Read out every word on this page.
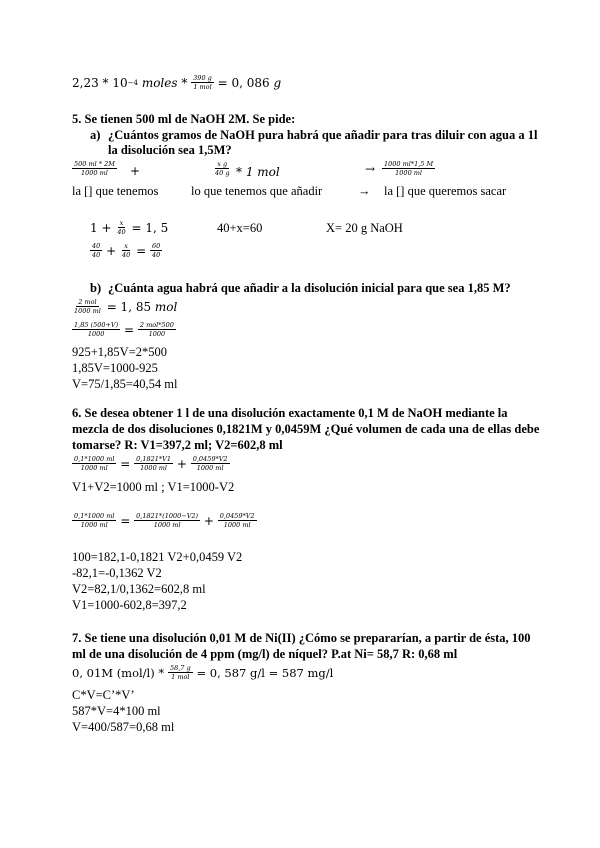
2,23
*
10 −4
moles
*
$\frac{390 g}{\text{1 mol}}$
= 0, 086
g
5. Se tienen 500 ml de NaOH 2M. Se pide:
a) ¿Cuántos gramos de NaOH pura habrá que añadir para tras diluir con agua a 1l
la disolución sea 1,5M?
$\frac{500 ml * 2M}{1000 ml}$ +	$\frac{\text{x g}}{40 g} * 1$ mol	→ $\frac{1000 ml*1,5 M}{1000 ml}$
la [] que tenemos	lo que tenemos que añadir	→ la [] que queremos sacar
1 +
$\frac{x}{40}$
= 1, 5	40+x=60	X= 20 g NaOH
$\frac{40}{40}$
+
$\frac{x}{40}$
=
$\frac{60}{40}$
b) ¿Cuánta agua habrá que añadir a la disolución inicial para que sea 1,85 M?
$\frac{\text{2 mol}}{1000 ml}$
= 1, 85
mol
$\frac{1,85 (500+V)}{1000}$
=
$\frac{\text{2 mol*500}}{1000}$
925+1,85V=2*500
1,85V=1000-925
V=75/1,85=40,54 ml
6. Se desea obtener 1 l de una disolución exactamente 0,1 M de NaOH mediante la
mezcla de dos disoluciones 0,1821M y 0,0459M ¿Qué volumen de cada una de ellas debe
tomarse? R: V1=397,2 ml; V2=602,8 ml
$\frac{0,1*1000 ml}{1000 ml}$
=
$\frac{0,1821*V1}{1000 ml}$
+
$\frac{0,0459*V2}{1000 ml}$
V1+V2=1000 ml ; V1=1000-V2
$\frac{0,1*1000 ml}{1000 ml}$
=
$\frac{0,1821*(1000-V2)}{1000 ml}$
+
$\frac{0,0459*V2}{1000 ml}$
100=182,1-0,1821 V2+0,0459 V2
-82,1=-0,1362 V2
V2=82,1/0,1362=602,8 ml
V1=1000-602,8=397,2
7. Se tiene una disolución 0,01 M de Ni(II) ¿Cómo se prepararían, a partir de ésta, 100
ml de una disolución de 4 ppm (mg/l) de níquel? P.at Ni= 58,7 R: 0,68 ml
0, 01M (mol/l) *
$\frac{58,7 g}{\text{1 mol}}$
= 0, 587 g/l = 587 mg/l
C*V=C’*V’
587*V=4*100 ml
V=400/587=0,68 ml
